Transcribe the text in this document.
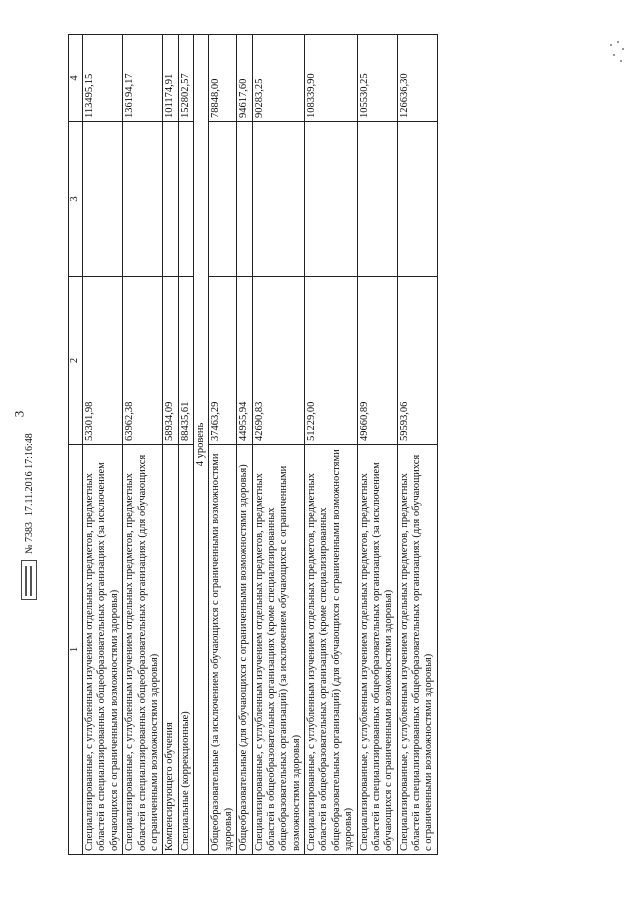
3
1	2	3	4
Специализированные, с углубленным изучением отдельных предметов, предметных областей в специализированных общеобразовательных организациях (за исключением обучающихся с ограниченными возможностями здоровья)	53301,98		113495,15
Специализированные, с углубленным изучением отдельных предметов, предметных областей в специализированных общеобразовательных организациях (для обучающихся с ограниченными возможностями здоровья)	63962,38		136194,17
Компенсирующего обучения	58934,09		101174,91
Специальные (коррекционные)	88435,61		152802,57
4 уровень			
Общеобразовательные (за исключением обучающихся с ограниченными возможностями здоровья)	37463,29		78848,00
Общеобразовательные (для обучающихся с ограниченными возможностями здоровья)	44955,94		94617,60
Специализированные, с углубленным изучением отдельных предметов, предметных областей в общеобразовательных организациях (кроме специализированных общеобразовательных организаций) (за исключением обучающихся с ограниченными возможностями здоровья)	42690,83		90283,25
Специализированные, с углубленным изучением отдельных предметов, предметных областей в общеобразовательных организациях (кроме специализированных общеобразовательных организаций) (для обучающихся с ограниченными возможностями здоровья)	51229,00		108339,90
Специализированные, с углубленным изучением отдельных предметов, предметных областей в специализированных общеобразовательных организациях (за исключением обучающихся с ограниченными возможностями здоровья)	49660,89		105530,25
Специализированные, с углубленным изучением отдельных предметов, предметных областей в специализированных общеобразовательных организациях (для обучающихся с ограниченными возможностями здоровья)	59593,06		126636,30
№ 7383
17.11.2016 17:16:48
